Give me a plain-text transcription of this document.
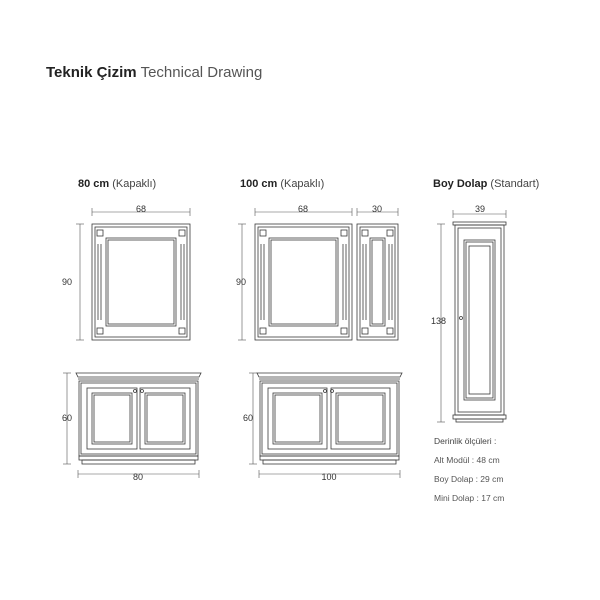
Teknik Çizim Technical Drawing
80 cm (Kapaklı)	100 cm (Kapaklı)	Boy Dolap (Standart)
68
90
68	30
90
39
138
60
80
60
100
Derinlik ölçüleri :
Alt Modül : 48 cm
Boy Dolap : 29 cm
Mini Dolap : 17 cm
